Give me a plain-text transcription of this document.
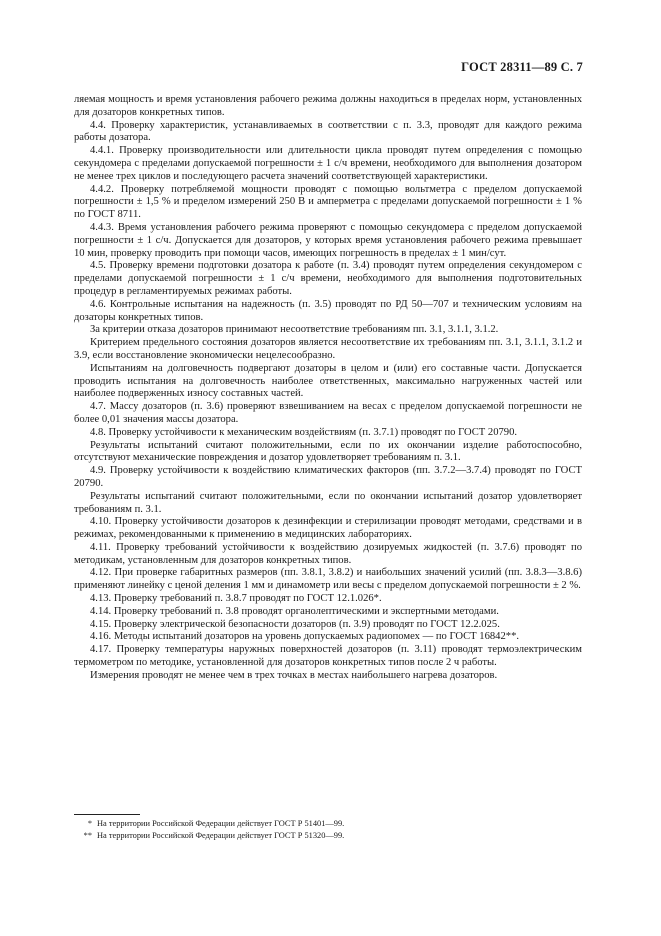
ГОСТ 28311—89 С. 7

ляемая мощность и время установления рабочего режима должны находиться в пределах норм, установленных для дозаторов конкретных типов.

4.4. Проверку характеристик, устанавливаемых в соответствии с п. 3.3, проводят для каждого режима работы дозатора.

4.4.1. Проверку производительности или длительности цикла проводят путем определения с помощью секундомера с пределами допускаемой погрешности ± 1 с/ч времени, необходимого для выполнения дозатором не менее трех циклов и последующего расчета значений соответствующей характеристики.

4.4.2. Проверку потребляемой мощности проводят с помощью вольтметра с пределом допускаемой погрешности ± 1,5 % и пределом измерений 250 В и амперметра с пределами допускаемой погрешности ± 1 % по ГОСТ 8711.

4.4.3. Время установления рабочего режима проверяют с помощью секундомера с пределом допускаемой погрешности ± 1 с/ч. Допускается для дозаторов, у которых время установления рабочего режима превышает 10 мин, проверку проводить при помощи часов, имеющих погрешность в пределах ± 1 мин/сут.

4.5. Проверку времени подготовки дозатора к работе (п. 3.4) проводят путем определения секундомером с пределами допускаемой погрешности ± 1 с/ч времени, необходимого для выполнения подготовительных процедур в регламентируемых режимах работы.

4.6. Контрольные испытания на надежность (п. 3.5) проводят по РД 50—707 и техническим условиям на дозаторы конкретных типов.

За критерии отказа дозаторов принимают несоответствие требованиям пп. 3.1, 3.1.1, 3.1.2.

Критерием предельного состояния дозаторов является несоответствие их требованиям пп. 3.1, 3.1.1, 3.1.2 и 3.9, если восстановление экономически нецелесообразно.

Испытаниям на долговечность подвергают дозаторы в целом и (или) его составные части. Допускается проводить испытания на долговечность наиболее ответственных, максимально нагруженных частей или наиболее подверженных износу составных частей.

4.7. Массу дозаторов (п. 3.6) проверяют взвешиванием на весах с пределом допускаемой погрешности не более 0,01 значения массы дозатора.

4.8. Проверку устойчивости к механическим воздействиям (п. 3.7.1) проводят по ГОСТ 20790.

Результаты испытаний считают положительными, если по их окончании изделие работоспособно, отсутствуют механические повреждения и дозатор удовлетворяет требованиям п. 3.1.

4.9. Проверку устойчивости к воздействию климатических факторов (пп. 3.7.2—3.7.4) проводят по ГОСТ 20790.

Результаты испытаний считают положительными, если по окончании испытаний дозатор удовлетворяет требованиям п. 3.1.

4.10. Проверку устойчивости дозаторов к дезинфекции и стерилизации проводят методами, средствами и в режимах, рекомендованными к применению в медицинских лабораториях.

4.11. Проверку требований устойчивости к воздействию дозируемых жидкостей (п. 3.7.6) проводят по методикам, установленным для дозаторов конкретных типов.

4.12. При проверке габаритных размеров (пп. 3.8.1, 3.8.2) и наибольших значений усилий (пп. 3.8.3—3.8.6) применяют линейку с ценой деления 1 мм и динамометр или весы с пределом допускаемой погрешности ± 2 %.

4.13. Проверку требований п. 3.8.7 проводят по ГОСТ 12.1.026*.

4.14. Проверку требований п. 3.8 проводят органолептическими и экспертными методами.

4.15. Проверку электрической безопасности дозаторов (п. 3.9) проводят по ГОСТ 12.2.025.

4.16. Методы испытаний дозаторов на уровень допускаемых радиопомех — по ГОСТ 16842**.

4.17. Проверку температуры наружных поверхностей дозаторов (п. 3.11) проводят термоэлектрическим термометром по методике, установленной для дозаторов конкретных типов после 2 ч работы.

Измерения проводят не менее чем в трех точках в местах наибольшего нагрева дозаторов.

* На территории Российской Федерации действует ГОСТ Р 51401—99.
** На территории Российской Федерации действует ГОСТ Р 51320—99.
